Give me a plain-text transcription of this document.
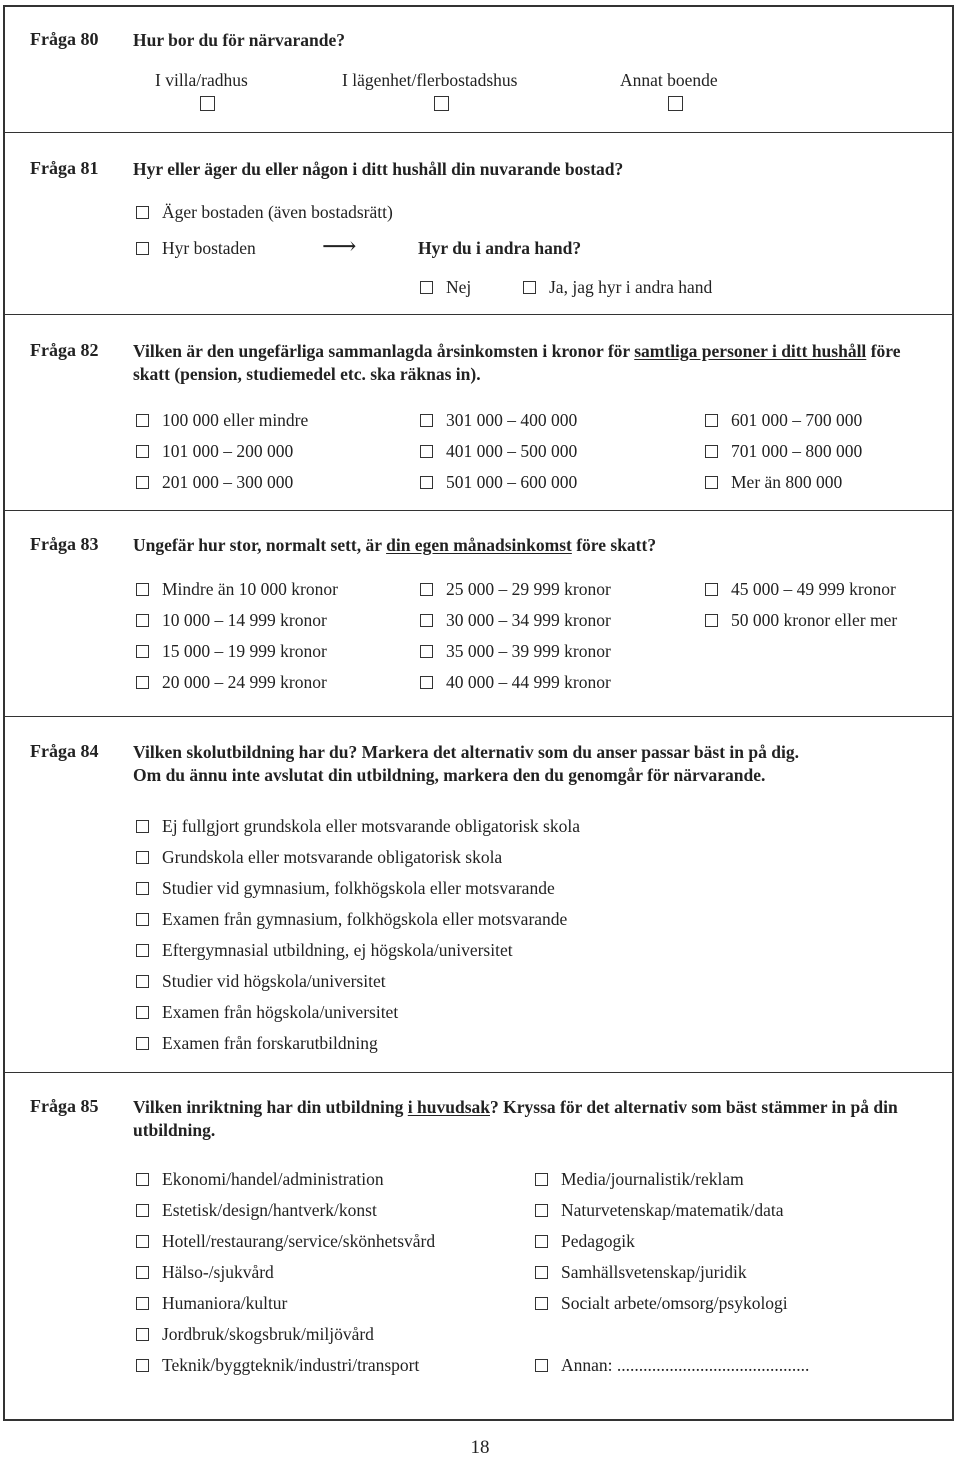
Fråga 80 Hur bor du för närvarande?
I villa/radhus	I lägenhet/flerbostadshus	Annat boende
Fråga 81 Hyr eller äger du eller någon i ditt hushåll din nuvarande bostad?
Äger bostaden (även bostadsrätt)
Hyr bostaden	⟶	Hyr du i andra hand?
Nej	Ja, jag hyr i andra hand
Fråga 82 Vilken är den ungefärliga sammanlagda årsinkomsten i kronor för samtliga personer i ditt hushåll före skatt (pension, studiemedel etc. ska räknas in).
100 000 eller mindre
101 000 – 200 000
201 000 – 300 000
301 000 – 400 000
401 000 – 500 000
501 000 – 600 000
601 000 – 700 000
701 000 – 800 000
Mer än 800 000
Fråga 83 Ungefär hur stor, normalt sett, är din egen månadsinkomst före skatt?
Mindre än 10 000 kronor
10 000 – 14 999 kronor
15 000 – 19 999 kronor
20 000 – 24 999 kronor
25 000 – 29 999 kronor
30 000 – 34 999 kronor
35 000 – 39 999 kronor
40 000 – 44 999 kronor
45 000 – 49 999 kronor
50 000 kronor eller mer
Fråga 84 Vilken skolutbildning har du? Markera det alternativ som du anser passar bäst in på dig.
Om du ännu inte avslutat din utbildning, markera den du genomgår för närvarande.
Ej fullgjort grundskola eller motsvarande obligatorisk skola
Grundskola eller motsvarande obligatorisk skola
Studier vid gymnasium, folkhögskola eller motsvarande
Examen från gymnasium, folkhögskola eller motsvarande
Eftergymnasial utbildning, ej högskola/universitet
Studier vid högskola/universitet
Examen från högskola/universitet
Examen från forskarutbildning
Fråga 85 Vilken inriktning har din utbildning i huvudsak? Kryssa för det alternativ som bäst stämmer in på din utbildning.
Ekonomi/handel/administration
Estetisk/design/hantverk/konst
Hotell/restaurang/service/skönhetsvård
Hälso-/sjukvård
Humaniora/kultur
Jordbruk/skogsbruk/miljövård
Teknik/byggteknik/industri/transport
Media/journalistik/reklam
Naturvetenskap/matematik/data
Pedagogik
Samhällsvetenskap/juridik
Socialt arbete/omsorg/psykologi
Annan: ............................................
18
